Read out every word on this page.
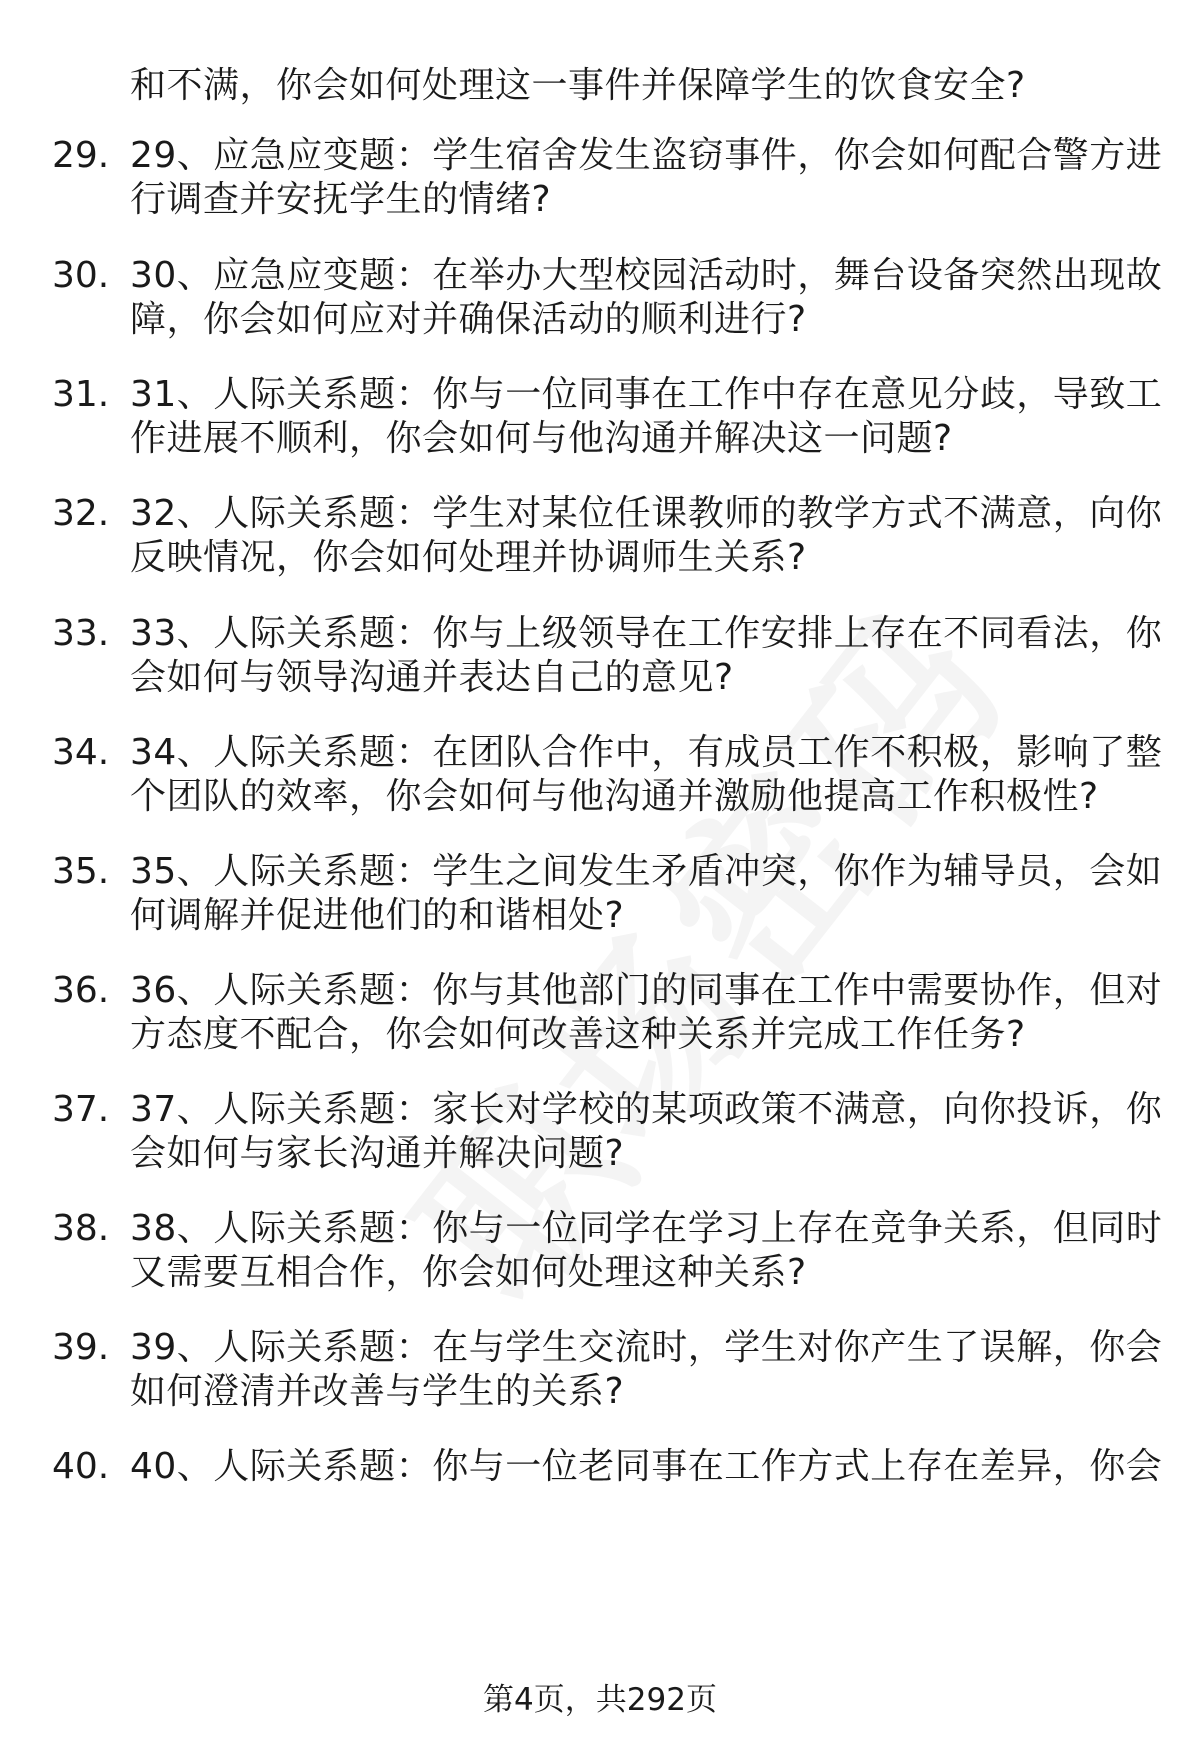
和不满，你会如何处理这一事件并保障学生的饮食安全?
29. 29、应急应变题：学生宿舍发生盗窃事件，你会如何配合警方进
行调查并安抚学生的情绪?
30. 30、应急应变题：在举办大型校园活动时，舞台设备突然出现故
障，你会如何应对并确保活动的顺利进行?
31. 31、人际关系题：你与一位同事在工作中存在意见分歧，导致工
作进展不顺利，你会如何与他沟通并解决这一问题?
32. 32、人际关系题：学生对某位任课教师的教学方式不满意，向你
反映情况，你会如何处理并协调师生关系?
33. 33、人际关系题：你与上级领导在工作安排上存在不同看法，你
会如何与领导沟通并表达自己的意见?
34. 34、人际关系题：在团队合作中，有成员工作不积极，影响了整
个团队的效率，你会如何与他沟通并激励他提高工作积极性?
35. 35、人际关系题：学生之间发生矛盾冲突，你作为辅导员，会如
何调解并促进他们的和谐相处?
36. 36、人际关系题：你与其他部门的同事在工作中需要协作，但对
方态度不配合，你会如何改善这种关系并完成工作任务?
37. 37、人际关系题：家长对学校的某项政策不满意，向你投诉，你
会如何与家长沟通并解决问题?
38. 38、人际关系题：你与一位同学在学习上存在竞争关系，但同时
又需要互相合作，你会如何处理这种关系?
39. 39、人际关系题：在与学生交流时，学生对你产生了误解，你会
如何澄清并改善与学生的关系?
40. 40、人际关系题：你与一位老同事在工作方式上存在差异，你会
第4页，共292页
